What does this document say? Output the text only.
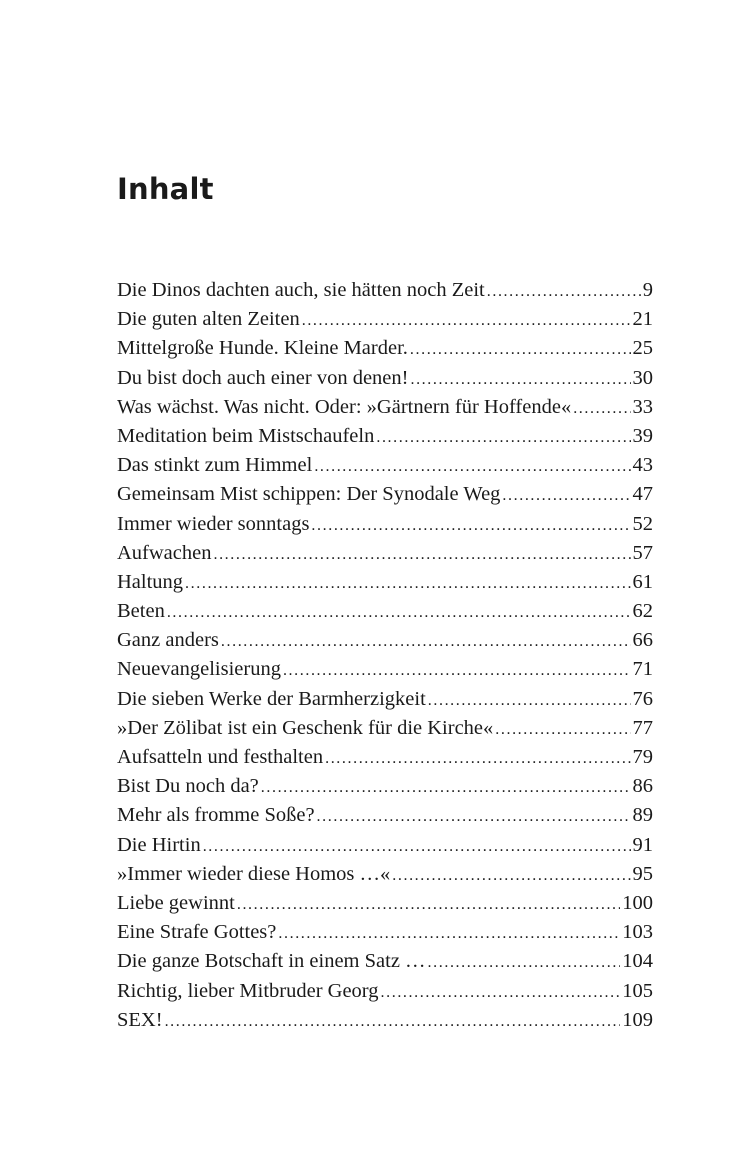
Inhalt
Die Dinos dachten auch, sie hätten noch Zeit .....	9
Die guten alten Zeiten .....	21
Mittelgroße Hunde. Kleine Marder. .....	25
Du bist doch auch einer von denen! .....	30
Was wächst. Was nicht. Oder: »Gärtnern für Hoffende« .....	33
Meditation beim Mistschaufeln .....	39
Das stinkt zum Himmel .....	43
Gemeinsam Mist schippen: Der Synodale Weg .....	47
Immer wieder sonntags .....	52
Aufwachen .....	57
Haltung .....	61
Beten .....	62
Ganz anders .....	66
Neuevangelisierung .....	71
Die sieben Werke der Barmherzigkeit .....	76
»Der Zölibat ist ein Geschenk für die Kirche« .....	77
Aufsatteln und festhalten .....	79
Bist Du noch da? .....	86
Mehr als fromme Soße? .....	89
Die Hirtin .....	91
»Immer wieder diese Homos …« .....	95
Liebe gewinnt .....	100
Eine Strafe Gottes? .....	103
Die ganze Botschaft in einem Satz … .....	104
Richtig, lieber Mitbruder Georg .....	105
SEX! .....	109
